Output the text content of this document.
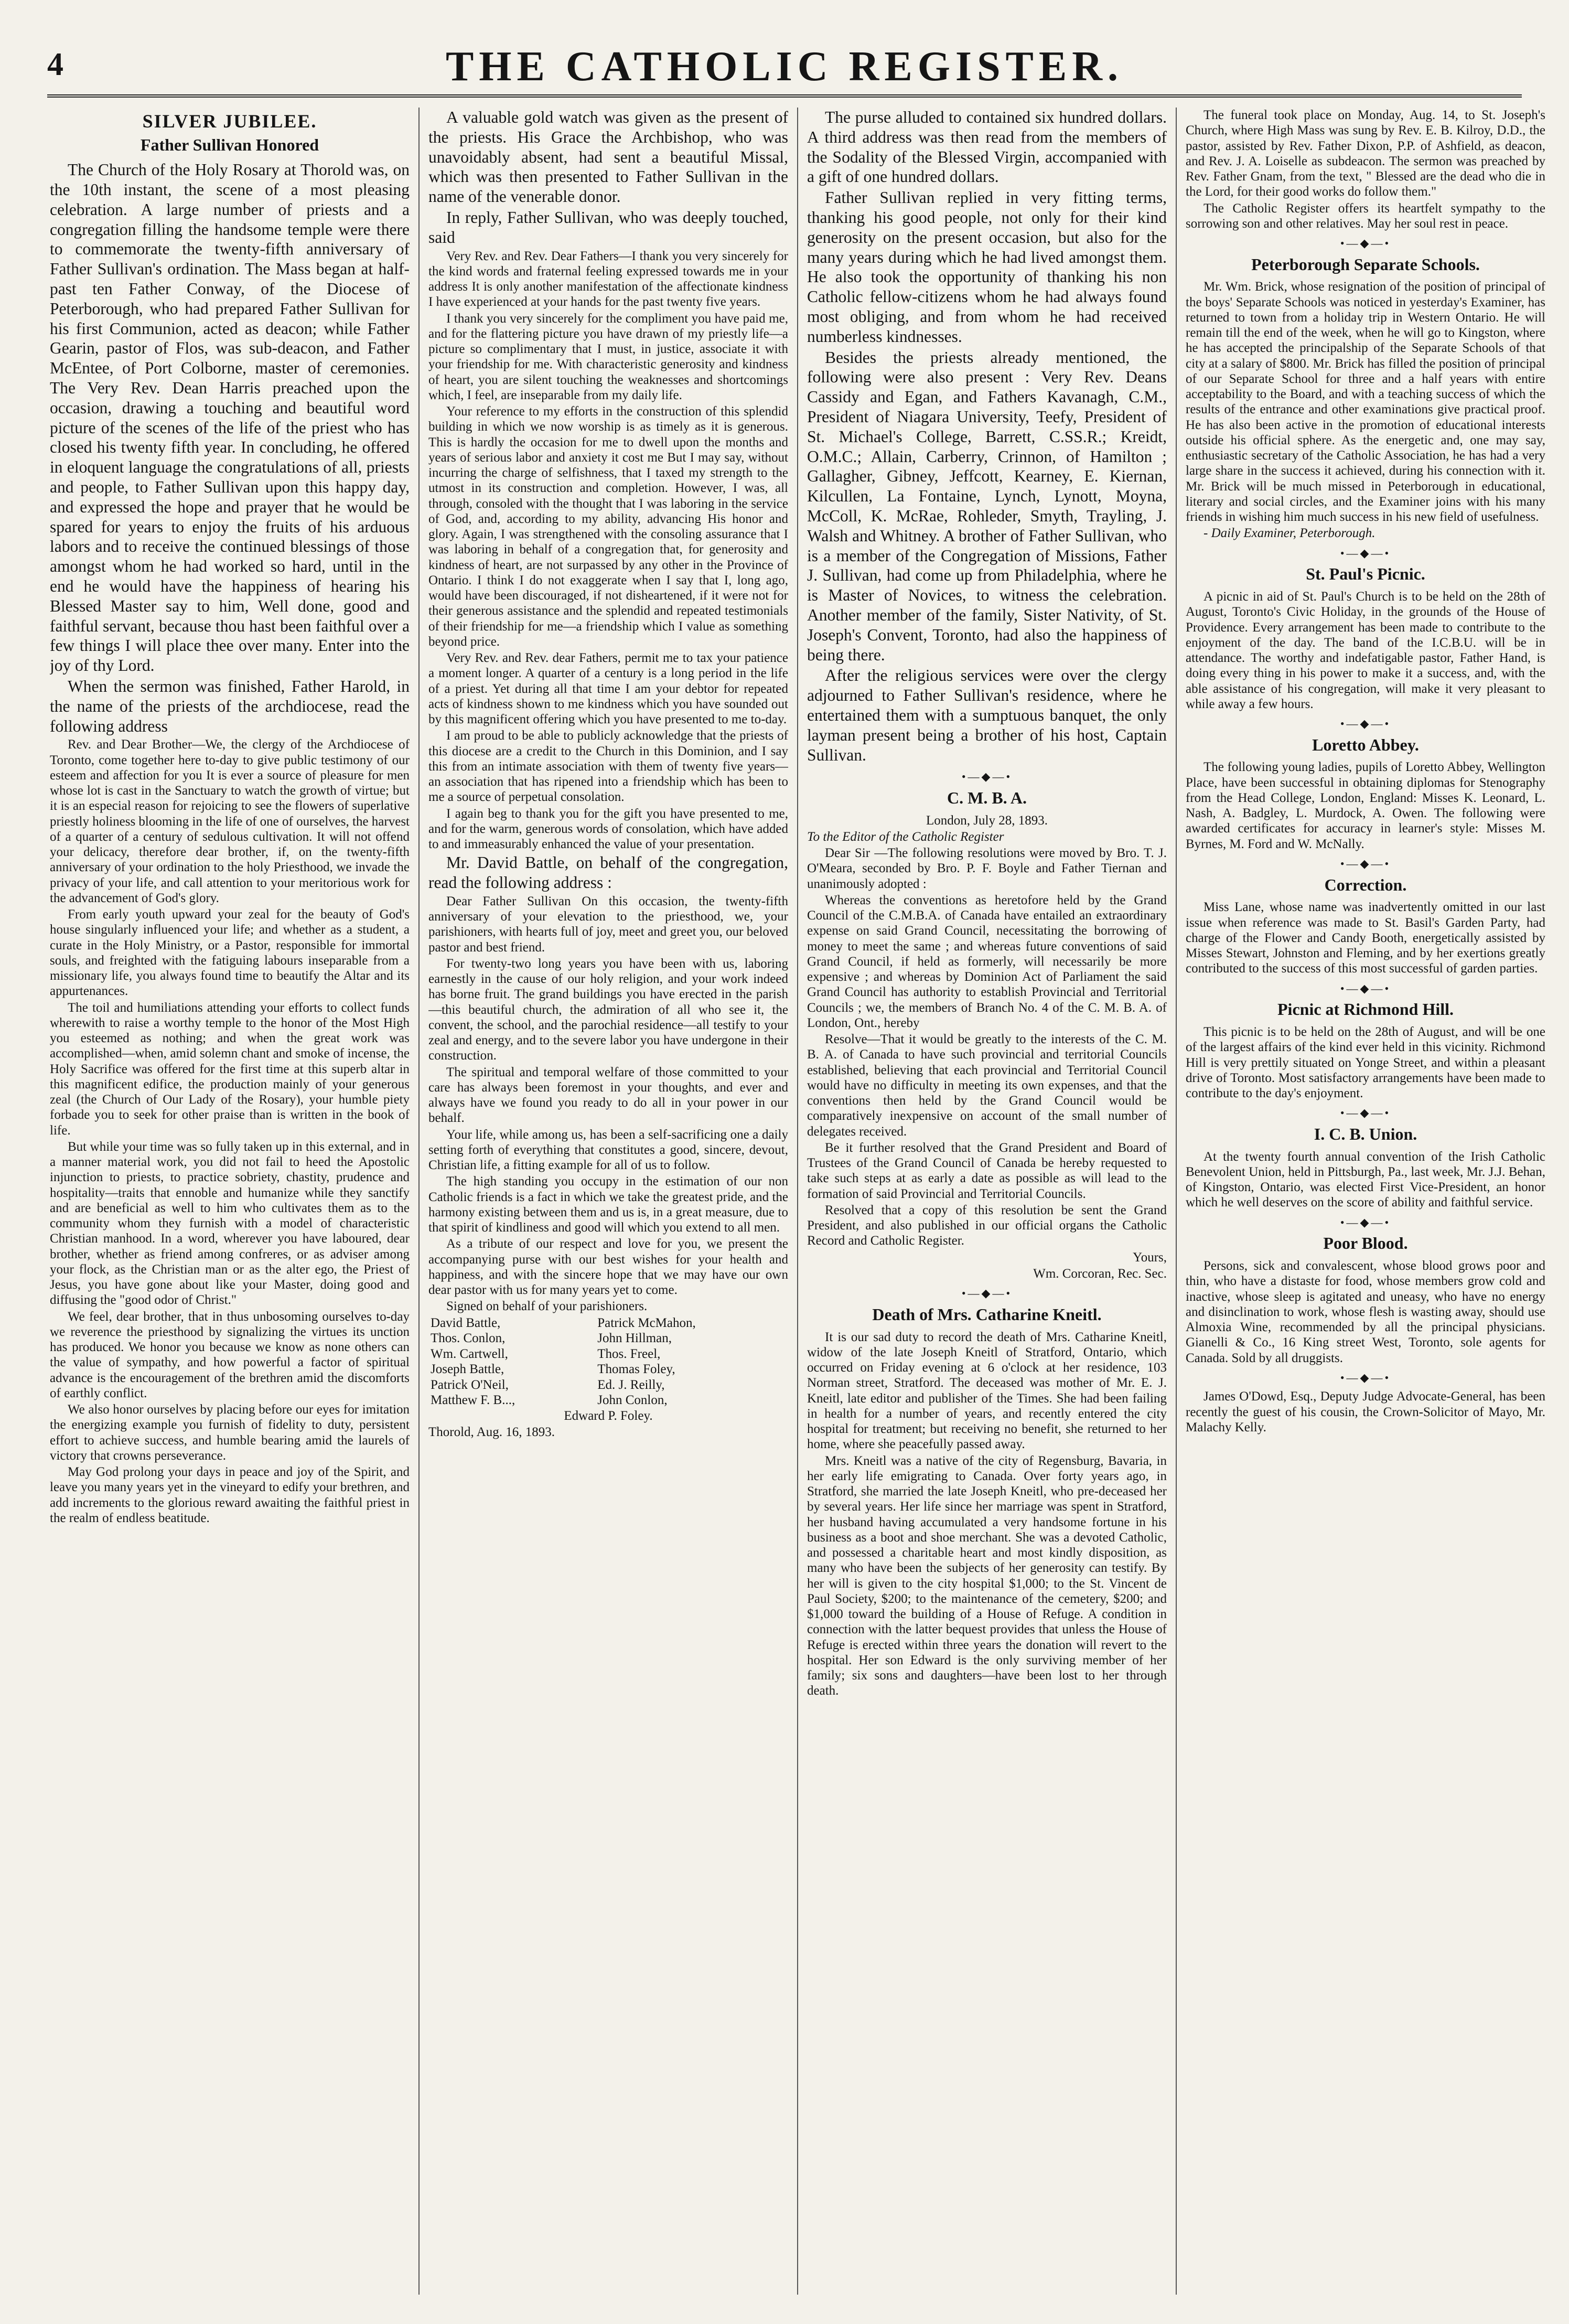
4	THE CATHOLIC REGISTER.
SILVER JUBILEE.
Father Sullivan Honored

The Church of the Holy Rosary at Thorold was, on the 10th instant, the scene of a most pleasing celebration. A large number of priests and a congregation filling the handsome temple were there to commemorate the twenty-fifth anniversary of Father Sullivan's ordination. The Mass began at half-past ten Father Conway, of the Diocese of Peterborough, who had prepared Father Sullivan for his first Communion, acted as deacon; while Father Gearin, pastor of Flos, was sub-deacon, and Father McEntee, of Port Colborne, master of ceremonies. The Very Rev. Dean Harris preached upon the occasion, drawing a touching and beautiful word picture of the scenes of the life of the priest who has closed his twenty fifth year. In concluding, he offered in eloquent language the congratulations of all, priests and people, to Father Sullivan upon this happy day, and expressed the hope and prayer that he would be spared for years to enjoy the fruits of his arduous labors and to receive the continued blessings of those amongst whom he had worked so hard, until in the end he would have the happiness of hearing his Blessed Master say to him, Well done, good and faithful servant, because thou hast been faithful over a few things I will place thee over many. Enter into the joy of thy Lord.

When the sermon was finished, Father Harold, in the name of the priests of the archdiocese, read the following address

Rev. and Dear Brother—We, the clergy of the Archdiocese of Toronto, come together here to-day to give public testimony of our esteem and affection for you It is ever a source of pleasure for men whose lot is cast in the Sanctuary to watch the growth of virtue; but it is an especial reason for rejoicing to see the flowers of superlative priestly holiness blooming in the life of one of ourselves, the harvest of a quarter of a century of sedulous cultivation. It will not offend your delicacy, therefore dear brother, if, on the twenty-fifth anniversary of your ordination to the holy Priesthood, we invade the privacy of your life, and call attention to your meritorious work for the advancement of God's glory.

From early youth upward your zeal for the beauty of God's house singularly influenced your life; and whether as a student, a curate in the Holy Ministry, or a Pastor, responsible for immortal souls, and freighted with the fatiguing labours inseparable from a missionary life, you always found time to beautify the Altar and its appurtenances.

The toil and humiliations attending your efforts to collect funds wherewith to raise a worthy temple to the honor of the Most High you esteemed as nothing; and when the great work was accomplished—when, amid solemn chant and smoke of incense, the Holy Sacrifice was offered for the first time at this superb altar in this magnificent edifice, the production mainly of your generous zeal (the Church of Our Lady of the Rosary), your humble piety forbade you to seek for other praise than is written in the book of life.

But while your time was so fully taken up in this external, and in a manner material work, you did not fail to heed the Apostolic injunction to priests, to practice sobriety, chastity, prudence and hospitality—traits that ennoble and humanize while they sanctify and are beneficial as well to him who cultivates them as to the community whom they furnish with a model of characteristic Christian manhood. In a word, wherever you have laboured, dear brother, whether as friend among confreres, or as adviser among your flock, as the Christian man or as the alter ego, the Priest of Jesus, you have gone about like your Master, doing good and diffusing the "good odor of Christ."

We feel, dear brother, that in thus unbosoming ourselves to-day we reverence the priesthood by signalizing the virtues its unction has produced. We honor you because we know as none others can the value of sympathy, and how powerful a factor of spiritual advance is the encouragement of the brethren amid the discomforts of earthly conflict.

We also honor ourselves by placing before our eyes for imitation the energizing example you furnish of fidelity to duty, persistent effort to achieve success, and humble bearing amid the laurels of victory that crowns perseverance.

May God prolong your days in peace and joy of the Spirit, and leave you many years yet in the vineyard to edify your brethren, and add increments to the glorious reward awaiting the faithful priest in the realm of endless beatitude.

A valuable gold watch was given as the present of the priests. His Grace the Archbishop, who was unavoidably absent, had sent a beautiful Missal, which was then presented to Father Sullivan in the name of the venerable donor.

In reply, Father Sullivan, who was deeply touched, said

Very Rev. and Rev. Dear Fathers—I thank you very sincerely for the kind words and fraternal feeling expressed towards me in your address It is only another manifestation of the affectionate kindness I have experienced at your hands for the past twenty five years.

I thank you very sincerely for the compliment you have paid me, and for the flattering picture you have drawn of my priestly life—a picture so complimentary that I must, in justice, associate it with your friendship for me. With characteristic generosity and kindness of heart, you are silent touching the weaknesses and shortcomings which, I feel, are inseparable from my daily life.

Your reference to my efforts in the construction of this splendid building in which we now worship is as timely as it is generous. This is hardly the occasion for me to dwell upon the months and years of serious labor and anxiety it cost me But I may say, without incurring the charge of selfishness, that I taxed my strength to the utmost in its construction and completion. However, I was, all through, consoled with the thought that I was laboring in the service of God, and, according to my ability, advancing His honor and glory. Again, I was strengthened with the consoling assurance that I was laboring in behalf of a congregation that, for generosity and kindness of heart, are not surpassed by any other in the Province of Ontario. I think I do not exaggerate when I say that I, long ago, would have been discouraged, if not disheartened, if it were not for their generous assistance and the splendid and repeated testimonials of their friendship for me—a friendship which I value as something beyond price.

Very Rev. and Rev. dear Fathers, permit me to tax your patience a moment longer. A quarter of a century is a long period in the life of a priest. Yet during all that time I am your debtor for repeated acts of kindness shown to me kindness which you have sounded out by this magnificent offering which you have presented to me to-day.

I am proud to be able to publicly acknowledge that the priests of this diocese are a credit to the Church in this Dominion, and I say this from an intimate association with them of twenty five years—an association that has ripened into a friendship which has been to me a source of perpetual consolation.

I again beg to thank you for the gift you have presented to me, and for the warm, generous words of consolation, which have added to and immeasurably enhanced the value of your presentation.

Mr. David Battle, on behalf of the congregation, read the following address :

Dear Father Sullivan On this occasion, the twenty-fifth anniversary of your elevation to the priesthood, we, your parishioners, with hearts full of joy, meet and greet you, our beloved pastor and best friend.

For twenty-two long years you have been with us, laboring earnestly in the cause of our holy religion, and your work indeed has borne fruit. The grand buildings you have erected in the parish—this beautiful church, the admiration of all who see it, the convent, the school, and the parochial residence—all testify to your zeal and energy, and to the severe labor you have undergone in their construction.

The spiritual and temporal welfare of those committed to your care has always been foremost in your thoughts, and ever and always have we found you ready to do all in your power in our behalf.

Your life, while among us, has been a self-sacrificing one a daily setting forth of everything that constitutes a good, sincere, devout, Christian life, a fitting example for all of us to follow.

The high standing you occupy in the estimation of our non Catholic friends is a fact in which we take the greatest pride, and the harmony existing between them and us is, in a great measure, due to that spirit of kindliness and good will which you extend to all men.

As a tribute of our respect and love for you, we present the accompanying purse with our best wishes for your health and happiness, and with the sincere hope that we may have our own dear pastor with us for many years yet to come.

Signed on behalf of your parishioners.

David Battle,	Patrick McMahon,
Thos. Conlon,	John Hillman,
Wm. Cartwell,	Thos. Freel,
Joseph Battle,	Thomas Foley,
Patrick O'Neil,	Ed. J. Reilly,
Matthew F. B...,	John Conlon,

Edward P. Foley.

Thorold, Aug. 16, 1893.

The purse alluded to contained six hundred dollars. A third address was then read from the members of the Sodality of the Blessed Virgin, accompanied with a gift of one hundred dollars.

Father Sullivan replied in very fitting terms, thanking his good people, not only for their kind generosity on the present occasion, but also for the many years during which he had lived amongst them. He also took the opportunity of thanking his non Catholic fellow-citizens whom he had always found most obliging, and from whom he had received numberless kindnesses.

Besides the priests already mentioned, the following were also present : Very Rev. Deans Cassidy and Egan, and Fathers Kavanagh, C.M., President of Niagara University, Teefy, President of St. Michael's College, Barrett, C.SS.R.; Kreidt, O.M.C.; Allain, Carberry, Crinnon, of Hamilton ; Gallagher, Gibney, Jeffcott, Kearney, E. Kiernan, Kilcullen, La Fontaine, Lynch, Lynott, Moyna, McColl, K. McRae, Rohleder, Smyth, Trayling, J. Walsh and Whitney. A brother of Father Sullivan, who is a member of the Congregation of Missions, Father J. Sullivan, had come up from Philadelphia, where he is Master of Novices, to witness the celebration. Another member of the family, Sister Nativity, of St. Joseph's Convent, Toronto, had also the happiness of being there.

After the religious services were over the clergy adjourned to Father Sullivan's residence, where he entertained them with a sumptuous banquet, the only layman present being a brother of his host, Captain Sullivan.

•—◆—•
C. M. B. A.

London, July 28, 1893.

To the Editor of the Catholic Register

Dear Sir —The following resolutions were moved by Bro. T. J. O'Meara, seconded by Bro. P. F. Boyle and Father Tiernan and unanimously adopted :

Whereas the conventions as heretofore held by the Grand Council of the C.M.B.A. of Canada have entailed an extraordinary expense on said Grand Council, necessitating the borrowing of money to meet the same ; and whereas future conventions of said Grand Council, if held as formerly, will necessarily be more expensive ; and whereas by Dominion Act of Parliament the said Grand Council has authority to establish Provincial and Territorial Councils ; we, the members of Branch No. 4 of the C. M. B. A. of London, Ont., hereby

Resolve—That it would be greatly to the interests of the C. M. B. A. of Canada to have such provincial and territorial Councils established, believing that each provincial and Territorial Council would have no difficulty in meeting its own expenses, and that the conventions then held by the Grand Council would be comparatively inexpensive on account of the small number of delegates received.

Be it further resolved that the Grand President and Board of Trustees of the Grand Council of Canada be hereby requested to take such steps at as early a date as possible as will lead to the formation of said Provincial and Territorial Councils.

Resolved that a copy of this resolution be sent the Grand President, and also published in our official organs the Catholic Record and Catholic Register.

Yours,

Wm. Corcoran, Rec. Sec.

•—◆—•
Death of Mrs. Catharine Kneitl.

It is our sad duty to record the death of Mrs. Catharine Kneitl, widow of the late Joseph Kneitl of Stratford, Ontario, which occurred on Friday evening at 6 o'clock at her residence, 103 Norman street, Stratford. The deceased was mother of Mr. E. J. Kneitl, late editor and publisher of the Times. She had been failing in health for a number of years, and recently entered the city hospital for treatment; but receiving no benefit, she returned to her home, where she peacefully passed away.

Mrs. Kneitl was a native of the city of Regensburg, Bavaria, in her early life emigrating to Canada. Over forty years ago, in Stratford, she married the late Joseph Kneitl, who pre-deceased her by several years. Her life since her marriage was spent in Stratford, her husband having accumulated a very handsome fortune in his business as a boot and shoe merchant. She was a devoted Catholic, and possessed a charitable heart and most kindly disposition, as many who have been the subjects of her generosity can testify. By her will is given to the city hospital $1,000; to the St. Vincent de Paul Society, $200; to the maintenance of the cemetery, $200; and $1,000 toward the building of a House of Refuge. A condition in connection with the latter bequest provides that unless the House of Refuge is erected within three years the donation will revert to the hospital. Her son Edward is the only surviving member of her family; six sons and daughters—have been lost to her through death.

The funeral took place on Monday, Aug. 14, to St. Joseph's Church, where High Mass was sung by Rev. E. B. Kilroy, D.D., the pastor, assisted by Rev. Father Dixon, P.P. of Ashfield, as deacon, and Rev. J. A. Loiselle as subdeacon. The sermon was preached by Rev. Father Gnam, from the text, " Blessed are the dead who die in the Lord, for their good works do follow them."

The Catholic Register offers its heartfelt sympathy to the sorrowing son and other relatives. May her soul rest in peace.

•—◆—•
Peterborough Separate Schools.

Mr. Wm. Brick, whose resignation of the position of principal of the boys' Separate Schools was noticed in yesterday's Examiner, has returned to town from a holiday trip in Western Ontario. He will remain till the end of the week, when he will go to Kingston, where he has accepted the principalship of the Separate Schools of that city at a salary of $800. Mr. Brick has filled the position of principal of our Separate School for three and a half years with entire acceptability to the Board, and with a teaching success of which the results of the entrance and other examinations give practical proof. He has also been active in the promotion of educational interests outside his official sphere. As the energetic and, one may say, enthusiastic secretary of the Catholic Association, he has had a very large share in the success it achieved, during his connection with it. Mr. Brick will be much missed in Peterborough in educational, literary and social circles, and the Examiner joins with his many friends in wishing him much success in his new field of usefulness.

- Daily Examiner, Peterborough.

•—◆—•
St. Paul's Picnic.

A picnic in aid of St. Paul's Church is to be held on the 28th of August, Toronto's Civic Holiday, in the grounds of the House of Providence. Every arrangement has been made to contribute to the enjoyment of the day. The band of the I.C.B.U. will be in attendance. The worthy and indefatigable pastor, Father Hand, is doing every thing in his power to make it a success, and, with the able assistance of his congregation, will make it very pleasant to while away a few hours.

•—◆—•
Loretto Abbey.

The following young ladies, pupils of Loretto Abbey, Wellington Place, have been successful in obtaining diplomas for Stenography from the Head College, London, England: Misses K. Leonard, L. Nash, A. Badgley, L. Murdock, A. Owen. The following were awarded certificates for accuracy in learner's style: Misses M. Byrnes, M. Ford and W. McNally.

•—◆—•
Correction.

Miss Lane, whose name was inadvertently omitted in our last issue when reference was made to St. Basil's Garden Party, had charge of the Flower and Candy Booth, energetically assisted by Misses Stewart, Johnston and Fleming, and by her exertions greatly contributed to the success of this most successful of garden parties.

•—◆—•
Picnic at Richmond Hill.

This picnic is to be held on the 28th of August, and will be one of the largest affairs of the kind ever held in this vicinity. Richmond Hill is very prettily situated on Yonge Street, and within a pleasant drive of Toronto. Most satisfactory arrangements have been made to contribute to the day's enjoyment.

•—◆—•
I. C. B. Union.

At the twenty fourth annual convention of the Irish Catholic Benevolent Union, held in Pittsburgh, Pa., last week, Mr. J.J. Behan, of Kingston, Ontario, was elected First Vice-President, an honor which he well deserves on the score of ability and faithful service.

•—◆—•
Poor Blood.

Persons, sick and convalescent, whose blood grows poor and thin, who have a distaste for food, whose members grow cold and inactive, whose sleep is agitated and uneasy, who have no energy and disinclination to work, whose flesh is wasting away, should use Almoxia Wine, recommended by all the principal physicians. Gianelli & Co., 16 King street West, Toronto, sole agents for Canada. Sold by all druggists.

•—◆—•

James O'Dowd, Esq., Deputy Judge Advocate-General, has been recently the guest of his cousin, the Crown-Solicitor of Mayo, Mr. Malachy Kelly.
